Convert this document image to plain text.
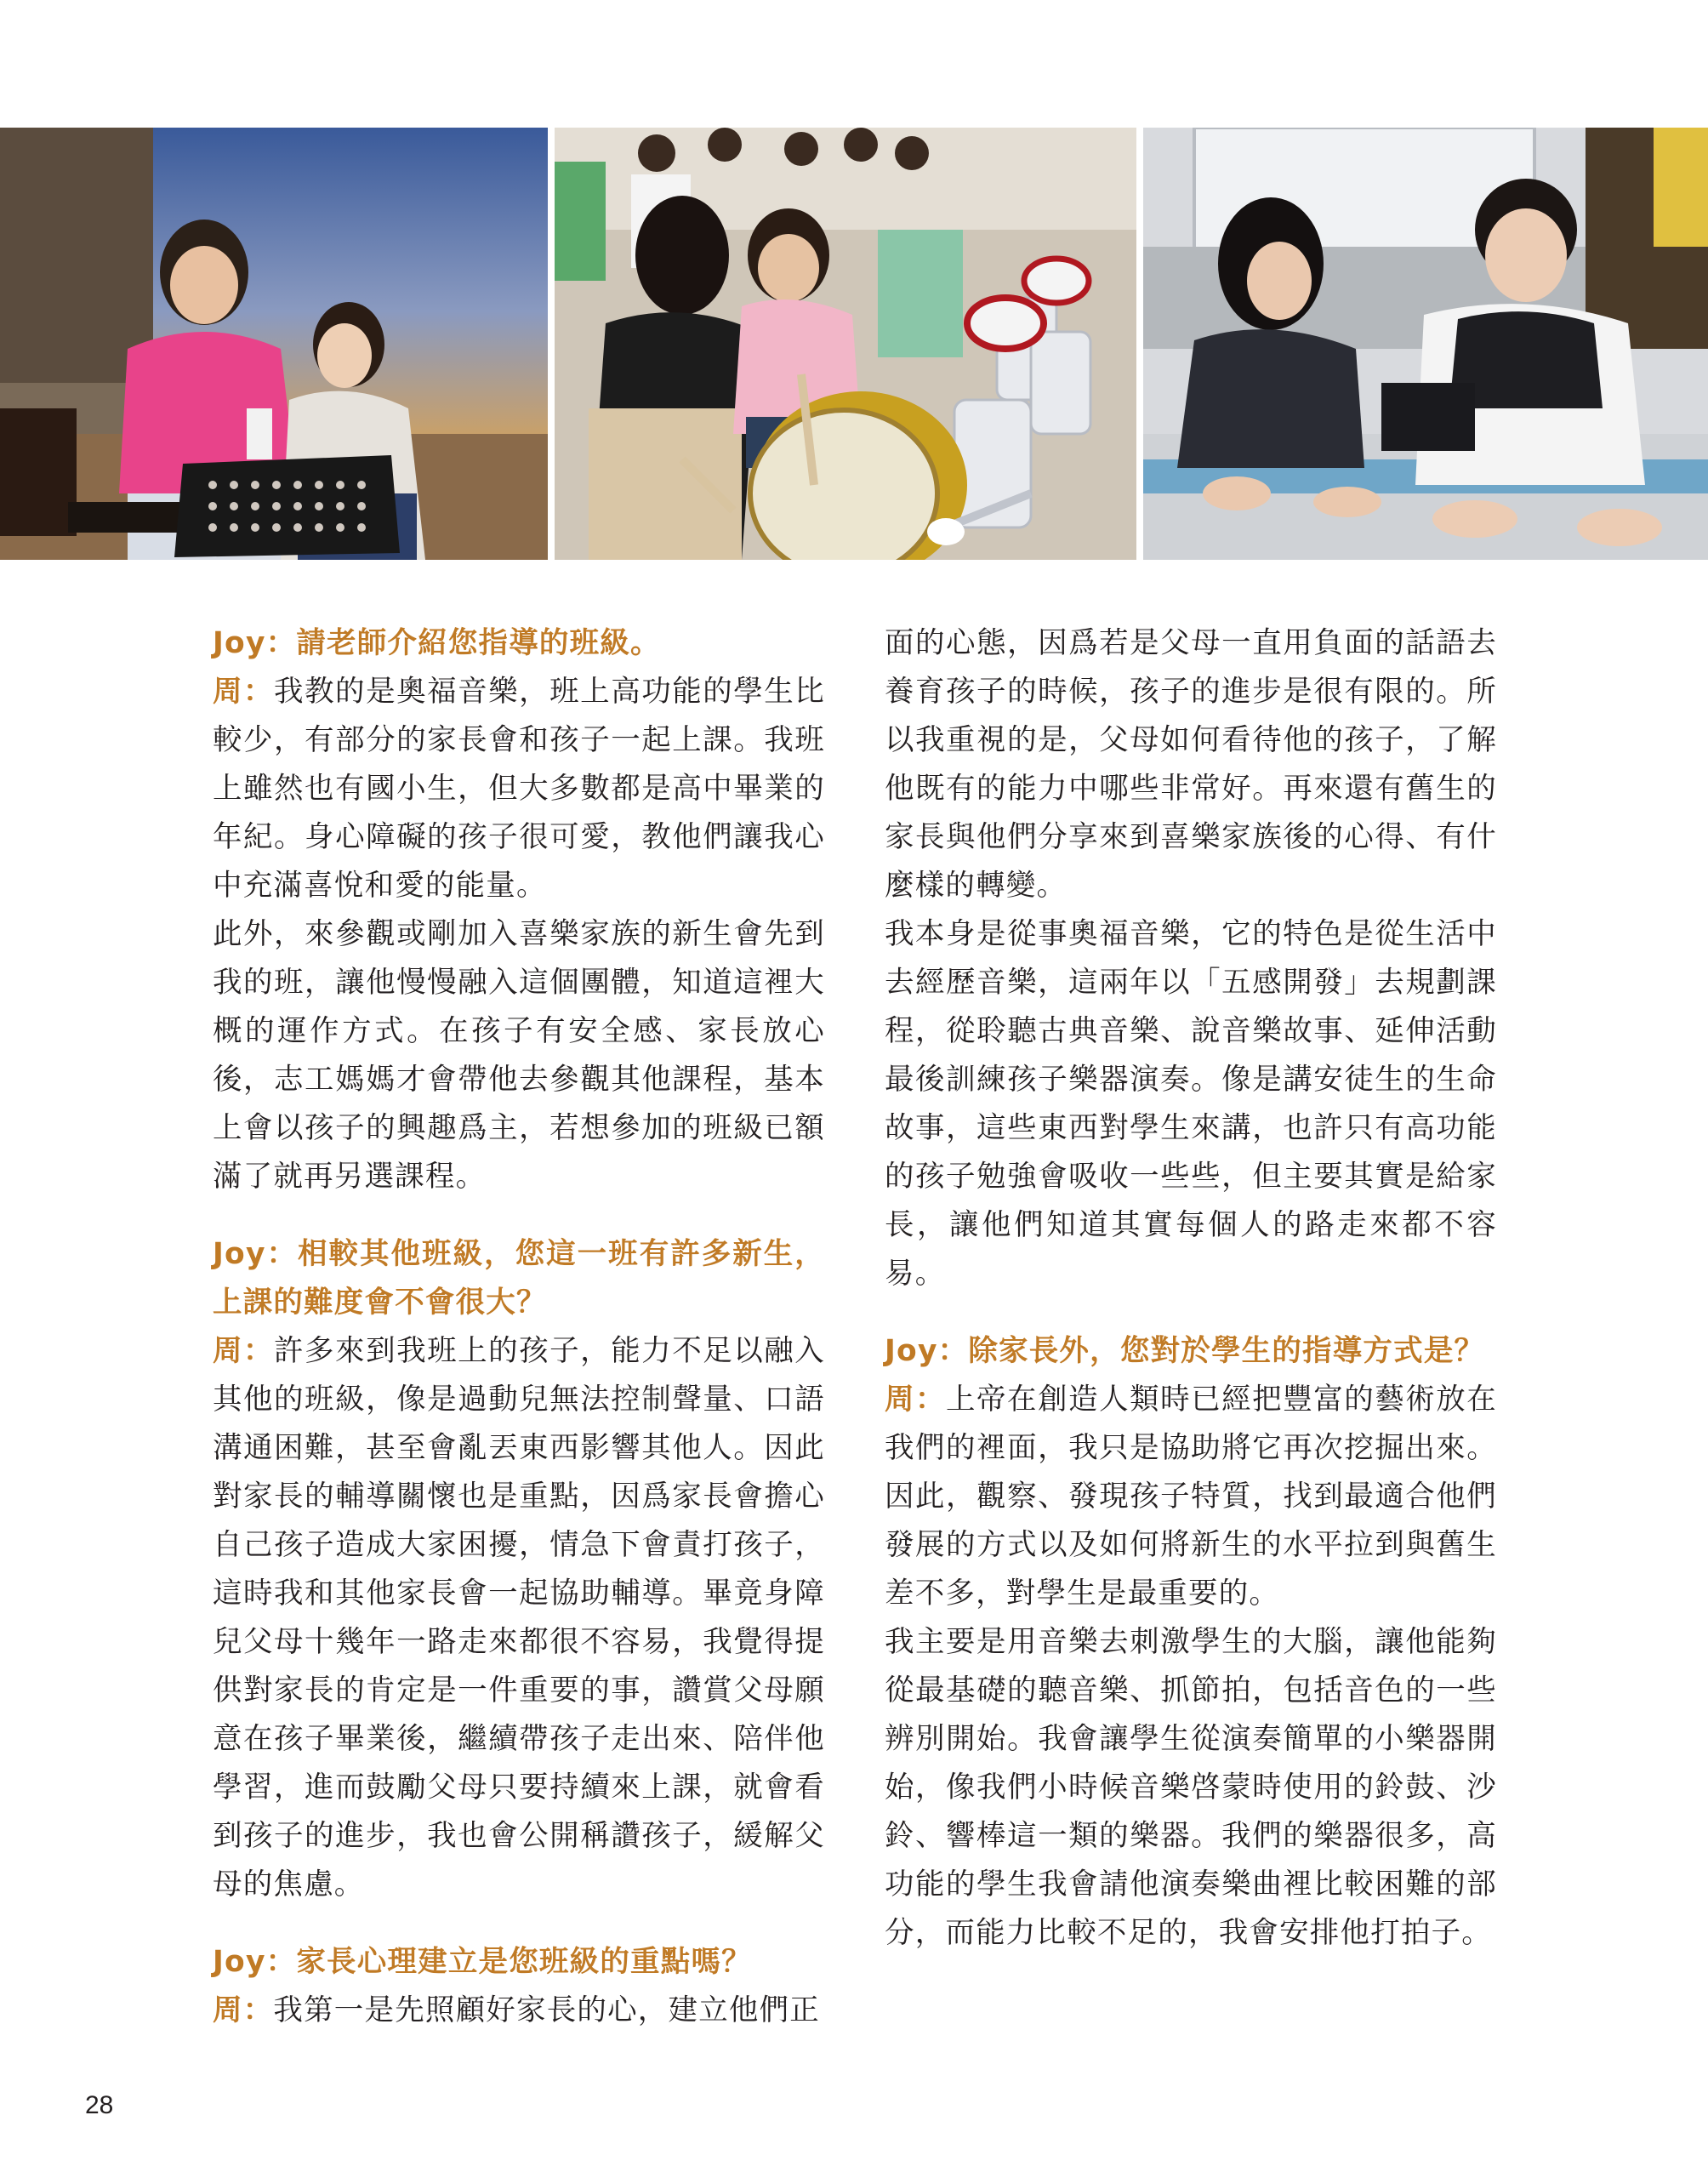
Joy：請老師介紹您指導的班級。

周：我教的是奧福音樂，班上高功能的學生比較少，有部分的家長會和孩子一起上課。我班上雖然也有國小生，但大多數都是高中畢業的年紀。身心障礙的孩子很可愛，教他們讓我心中充滿喜悅和愛的能量。

此外，來參觀或剛加入喜樂家族的新生會先到我的班，讓他慢慢融入這個團體，知道這裡大概的運作方式。在孩子有安全感、家長放心後，志工媽媽才會帶他去參觀其他課程，基本上會以孩子的興趣爲主，若想參加的班級已額滿了就再另選課程。

Joy：相較其他班級，您這一班有許多新生，上課的難度會不會很大？

周：許多來到我班上的孩子，能力不足以融入其他的班級，像是過動兒無法控制聲量、口語溝通困難，甚至會亂丟東西影響其他人。因此對家長的輔導關懷也是重點，因爲家長會擔心自己孩子造成大家困擾，情急下會責打孩子，這時我和其他家長會一起協助輔導。畢竟身障兒父母十幾年一路走來都很不容易，我覺得提供對家長的肯定是一件重要的事，讚賞父母願意在孩子畢業後，繼續帶孩子走出來、陪伴他學習，進而鼓勵父母只要持續來上課，就會看到孩子的進步，我也會公開稱讚孩子，緩解父母的焦慮。

Joy：家長心理建立是您班級的重點嗎？

周：我第一是先照顧好家長的心，建立他們正

面的心態，因爲若是父母一直用負面的話語去養育孩子的時候，孩子的進步是很有限的。所以我重視的是，父母如何看待他的孩子，了解他既有的能力中哪些非常好。再來還有舊生的家長與他們分享來到喜樂家族後的心得、有什麼樣的轉變。

我本身是從事奧福音樂，它的特色是從生活中去經歷音樂，這兩年以「五感開發」去規劃課程，從聆聽古典音樂、說音樂故事、延伸活動最後訓練孩子樂器演奏。像是講安徒生的生命故事，這些東西對學生來講，也許只有高功能的孩子勉強會吸收一些些，但主要其實是給家長，讓他們知道其實每個人的路走來都不容易。

Joy：除家長外，您對於學生的指導方式是？

周：上帝在創造人類時已經把豐富的藝術放在我們的裡面，我只是協助將它再次挖掘出來。因此，觀察、發現孩子特質，找到最適合他們發展的方式以及如何將新生的水平拉到與舊生差不多，對學生是最重要的。

我主要是用音樂去刺激學生的大腦，讓他能夠從最基礎的聽音樂、抓節拍，包括音色的一些辨別開始。我會讓學生從演奏簡單的小樂器開始，像我們小時候音樂啓蒙時使用的鈴鼓、沙鈴、響棒這一類的樂器。我們的樂器很多，高功能的學生我會請他演奏樂曲裡比較困難的部分，而能力比較不足的，我會安排他打拍子。

28
